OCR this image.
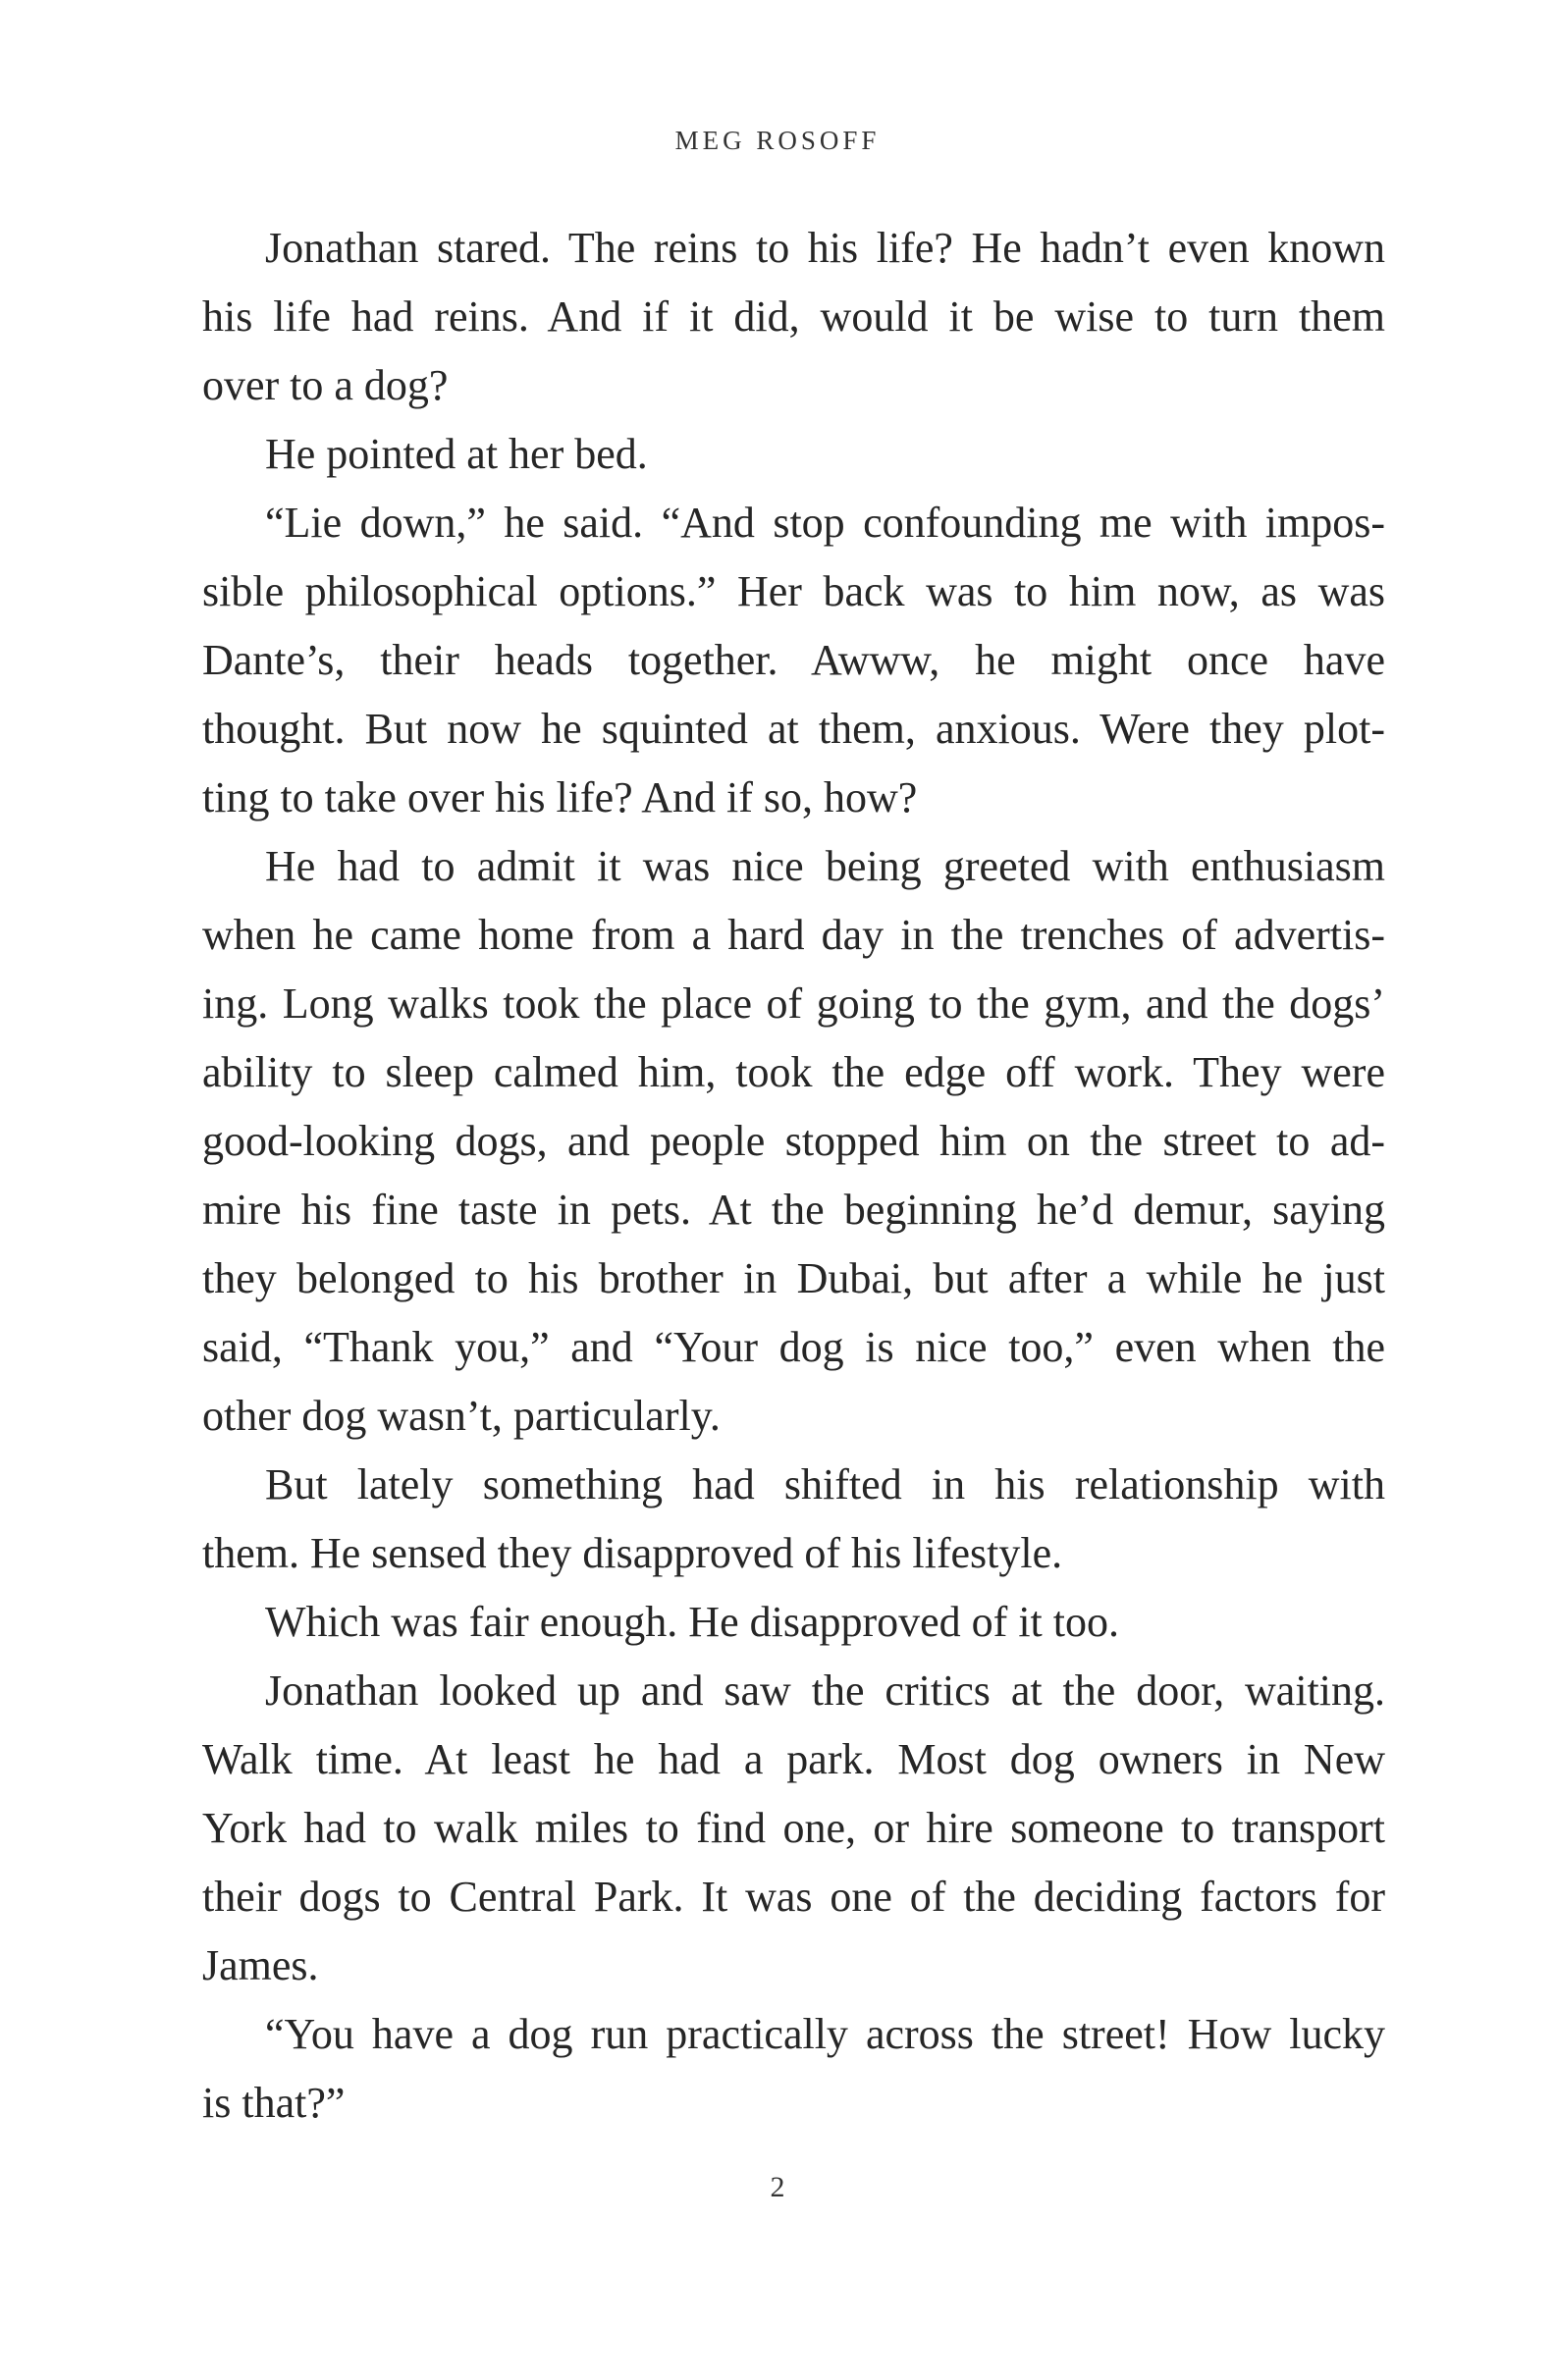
MEG ROSOFF
Jonathan stared. The reins to his life? He hadn’t even known
his life had reins. And if it did, would it be wise to turn them
over to a dog?
He pointed at her bed.
“Lie down,” he said. “And stop confounding me with impos-
sible philosophical options.” Her back was to him now, as was
Dante’s, their heads together. Awww, he might once have
thought. But now he squinted at them, anxious. Were they plot-
ting to take over his life? And if so, how?
He had to admit it was nice being greeted with enthusiasm
when he came home from a hard day in the trenches of advertis-
ing. Long walks took the place of going to the gym, and the dogs’
ability to sleep calmed him, took the edge off work. They were
good-looking dogs, and people stopped him on the street to ad-
mire his fine taste in pets. At the beginning he’d demur, saying
they belonged to his brother in Dubai, but after a while he just
said, “Thank you,” and “Your dog is nice too,” even when the
other dog wasn’t, particularly.
But lately something had shifted in his relationship with
them. He sensed they disapproved of his lifestyle.
Which was fair enough. He disapproved of it too.
Jonathan looked up and saw the critics at the door, waiting.
Walk time. At least he had a park. Most dog owners in New
York had to walk miles to find one, or hire someone to transport
their dogs to Central Park. It was one of the deciding factors for
James.
“You have a dog run practically across the street! How lucky
is that?”
2
